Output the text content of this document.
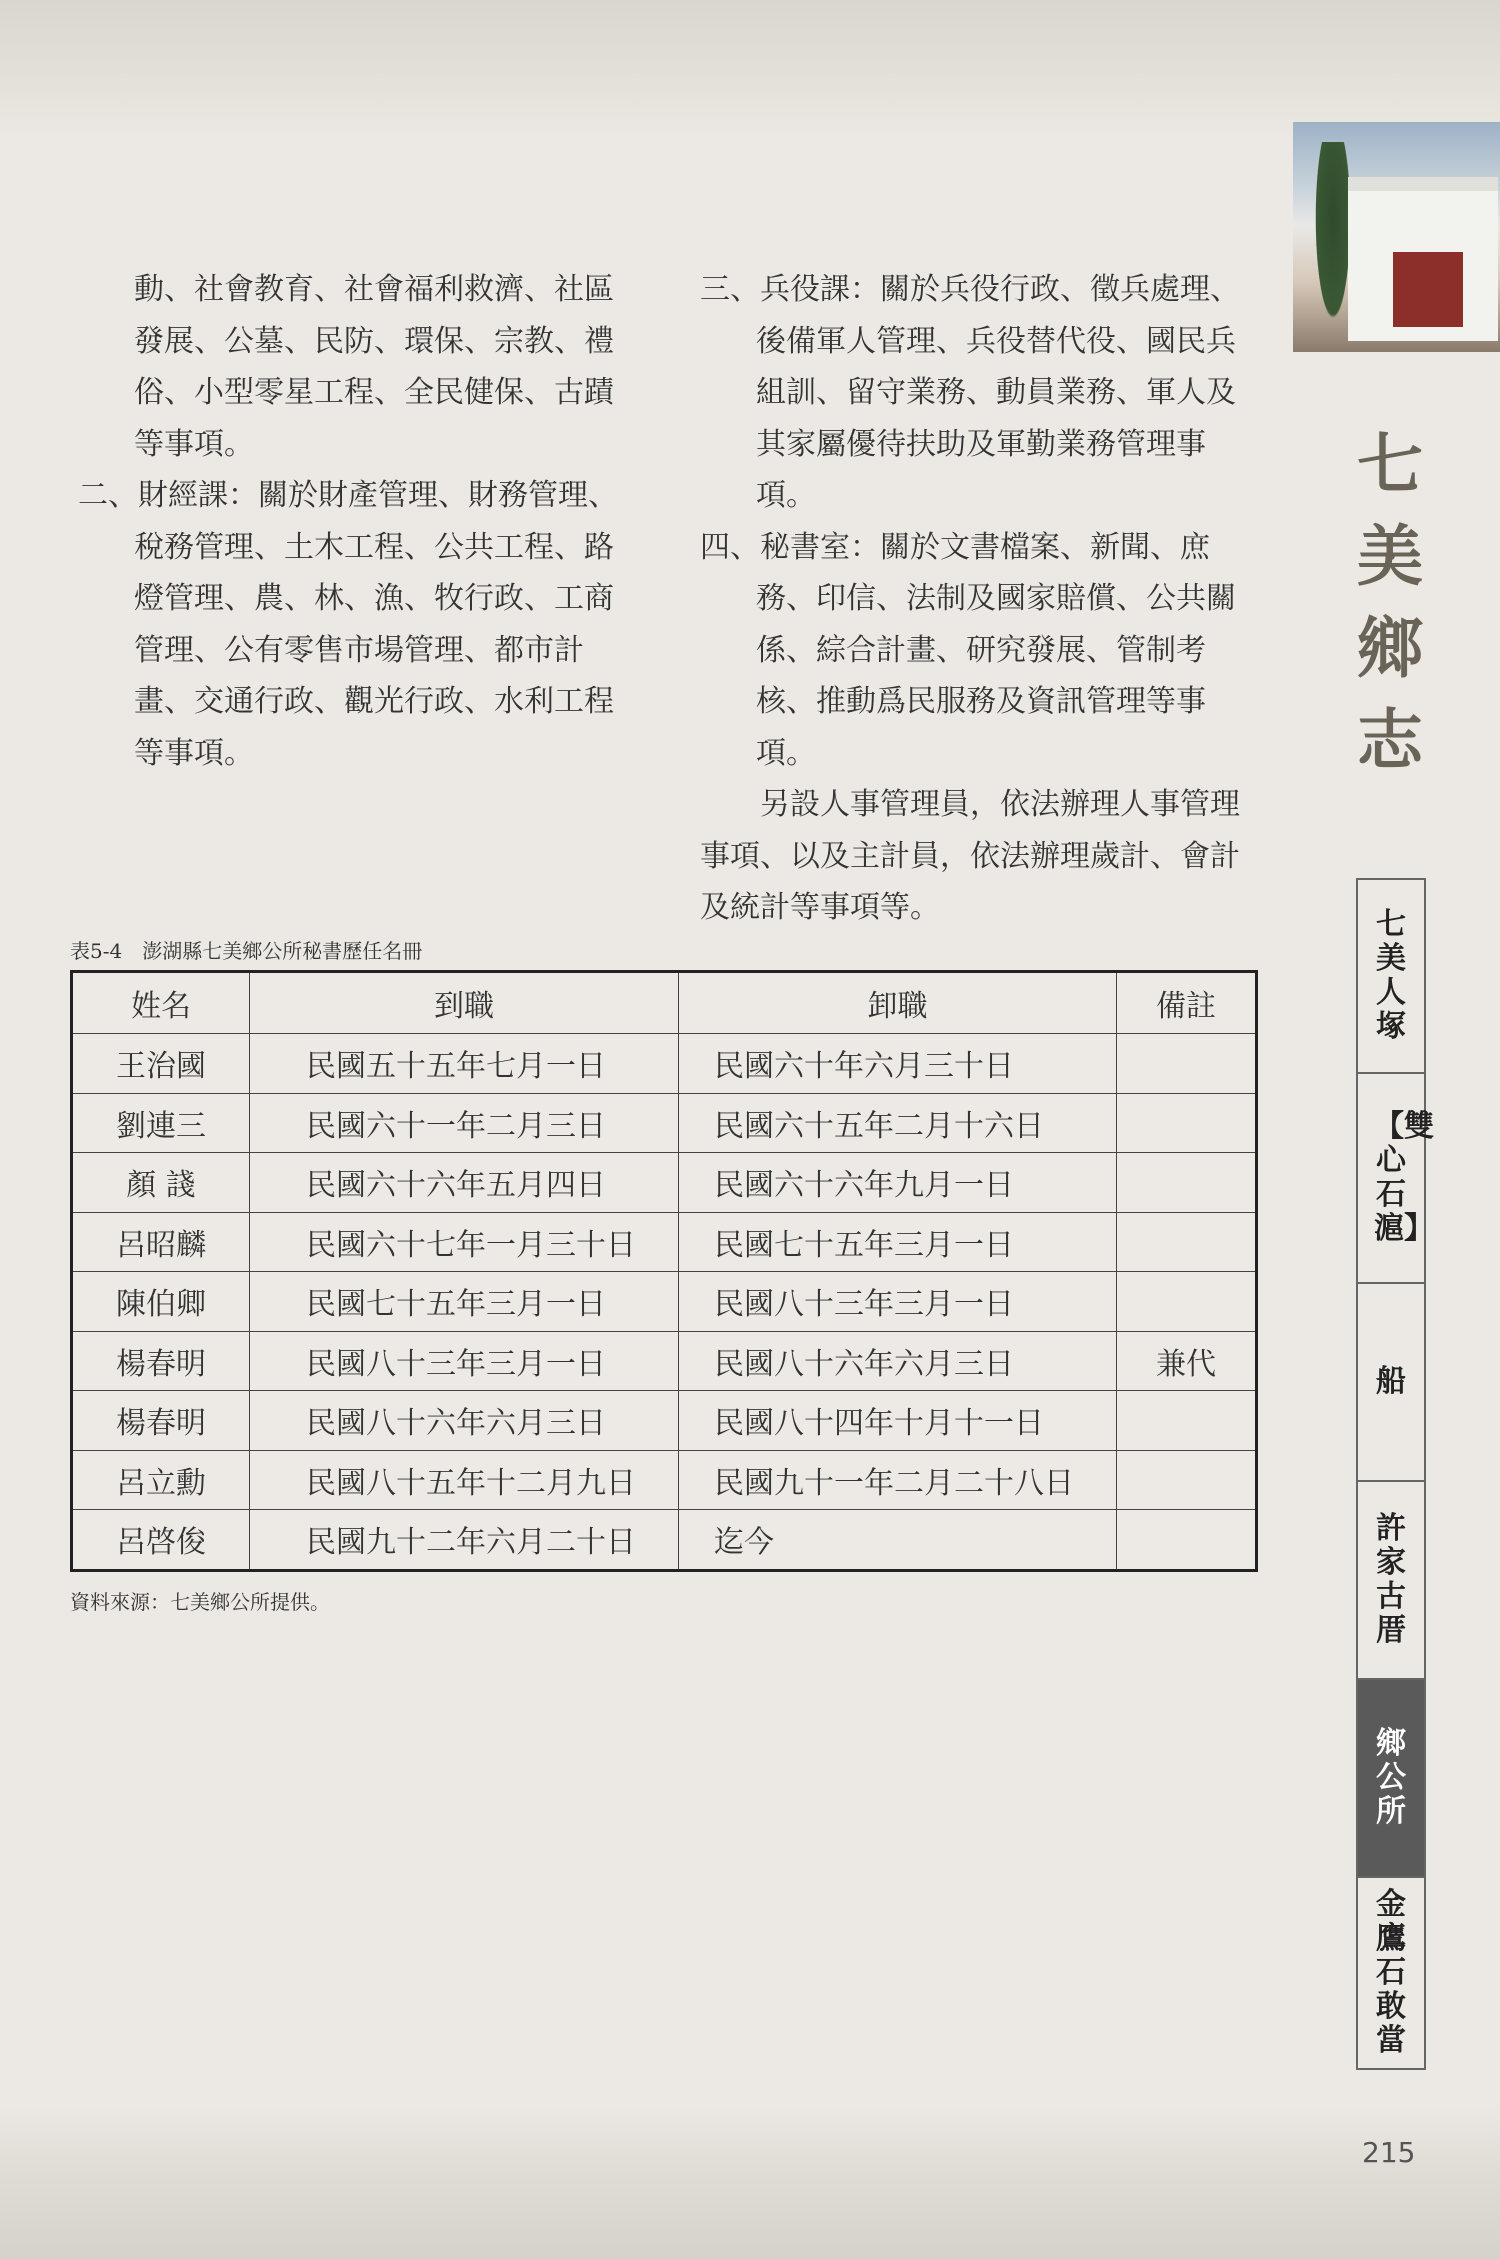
七
美
鄉
志

動、社會教育、社會福利救濟、社區發展、公墓、民防、環保、宗教、禮俗、小型零星工程、全民健保、古蹟等事項。

二、財經課：關於財產管理、財務管理、稅務管理、土木工程、公共工程、路燈管理、農、林、漁、牧行政、工商管理、公有零售市場管理、都市計畫、交通行政、觀光行政、水利工程等事項。

三、兵役課：關於兵役行政、徵兵處理、後備軍人管理、兵役替代役、國民兵組訓、留守業務、動員業務、軍人及其家屬優待扶助及軍勤業務管理事項。

四、秘書室：關於文書檔案、新聞、庶務、印信、法制及國家賠償、公共關係、綜合計畫、研究發展、管制考核、推動爲民服務及資訊管理等事項。

另設人事管理員，依法辦理人事管理事項、以及主計員，依法辦理歲計、會計及統計等事項等。

表5-4　澎湖縣七美鄉公所秘書歷任名冊
姓名	到職	卸職	備註
王治國	民國五十五年七月一日	民國六十年六月三十日	
劉連三	民國六十一年二月三日	民國六十五年二月十六日	
顏 諓	民國六十六年五月四日	民國六十六年九月一日	
呂昭麟	民國六十七年一月三十日	民國七十五年三月一日	
陳伯卿	民國七十五年三月一日	民國八十三年三月一日	
楊春明	民國八十三年三月一日	民國八十六年六月三日	兼代
楊春明	民國八十六年六月三日	民國八十四年十月十一日	
呂立勳	民國八十五年十二月九日	民國九十一年二月二十八日	
呂啓俊	民國九十二年六月二十日	迄今	
資料來源：七美鄉公所提供。
七美人塚
【雙心石滬】
船
許家古厝
鄉公所
金鷹石敢當
215
